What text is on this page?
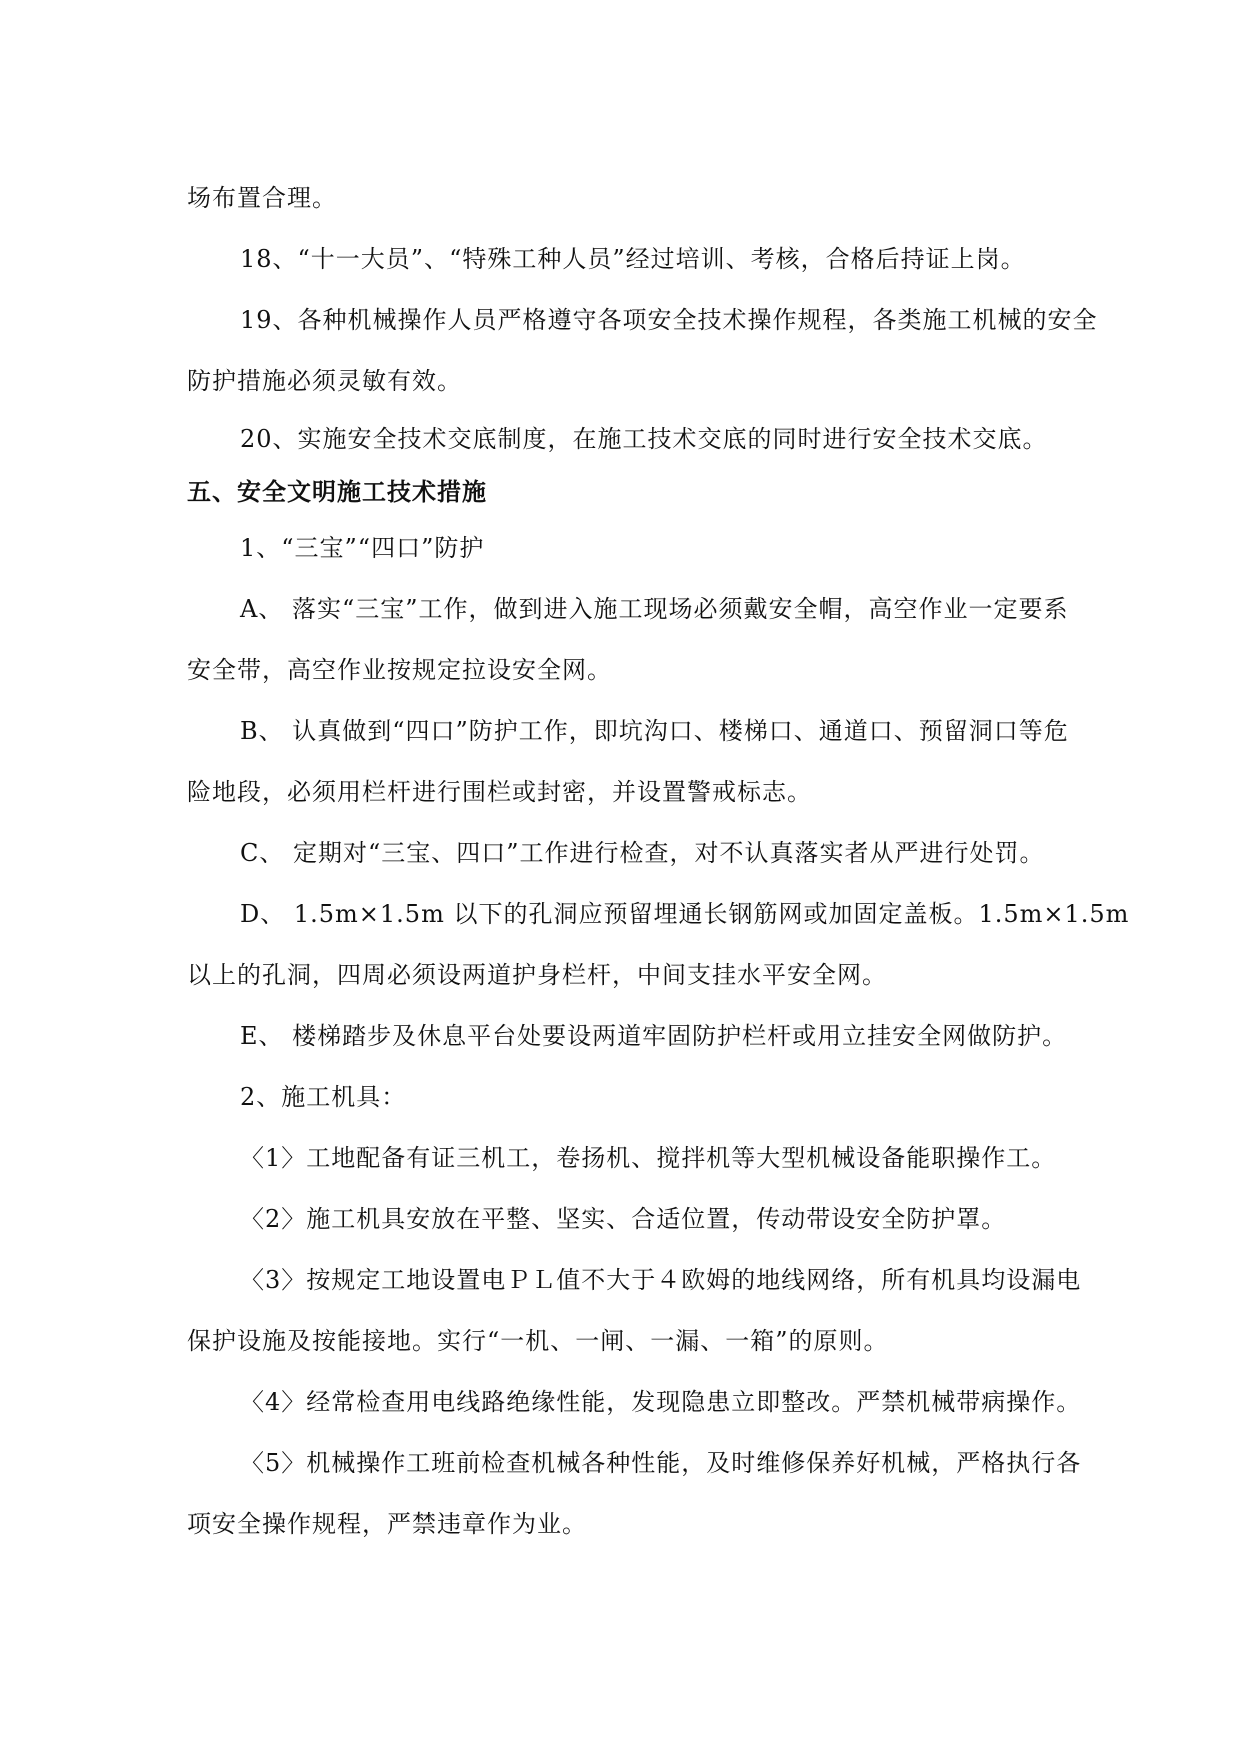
场布置合理。
18、“十一大员”、“特殊工种人员”经过培训、考核，合格后持证上岗。
19、各种机械操作人员严格遵守各项安全技术操作规程，各类施工机械的安全
防护措施必须灵敏有效。
20、实施安全技术交底制度，在施工技术交底的同时进行安全技术交底。
五、安全文明施工技术措施
1、“三宝”“四口”防护
A、 落实“三宝”工作，做到进入施工现场必须戴安全帽，高空作业一定要系
安全带，高空作业按规定拉设安全网。
B、 认真做到“四口”防护工作，即坑沟口、楼梯口、通道口、预留洞口等危
险地段，必须用栏杆进行围栏或封密，并设置警戒标志。
C、 定期对“三宝、四口”工作进行检查，对不认真落实者从严进行处罚。
D、 1.5m×1.5m 以下的孔洞应预留埋通长钢筋网或加固定盖板。1.5m×1.5m
以上的孔洞，四周必须设两道护身栏杆，中间支挂水平安全网。
E、 楼梯踏步及休息平台处要设两道牢固防护栏杆或用立挂安全网做防护。
2、施工机具：
〈1〉工地配备有证三机工，卷扬机、搅拌机等大型机械设备能职操作工。
〈2〉施工机具安放在平整、坚实、合适位置，传动带设安全防护罩。
〈3〉按规定工地设置电ＰＬ值不大于４欧姆的地线网络，所有机具均设漏电
保护设施及按能接地。实行“一机、一闸、一漏、一箱”的原则。
〈4〉经常检查用电线路绝缘性能，发现隐患立即整改。严禁机械带病操作。
〈5〉机械操作工班前检查机械各种性能，及时维修保养好机械，严格执行各
项安全操作规程，严禁违章作为业。
